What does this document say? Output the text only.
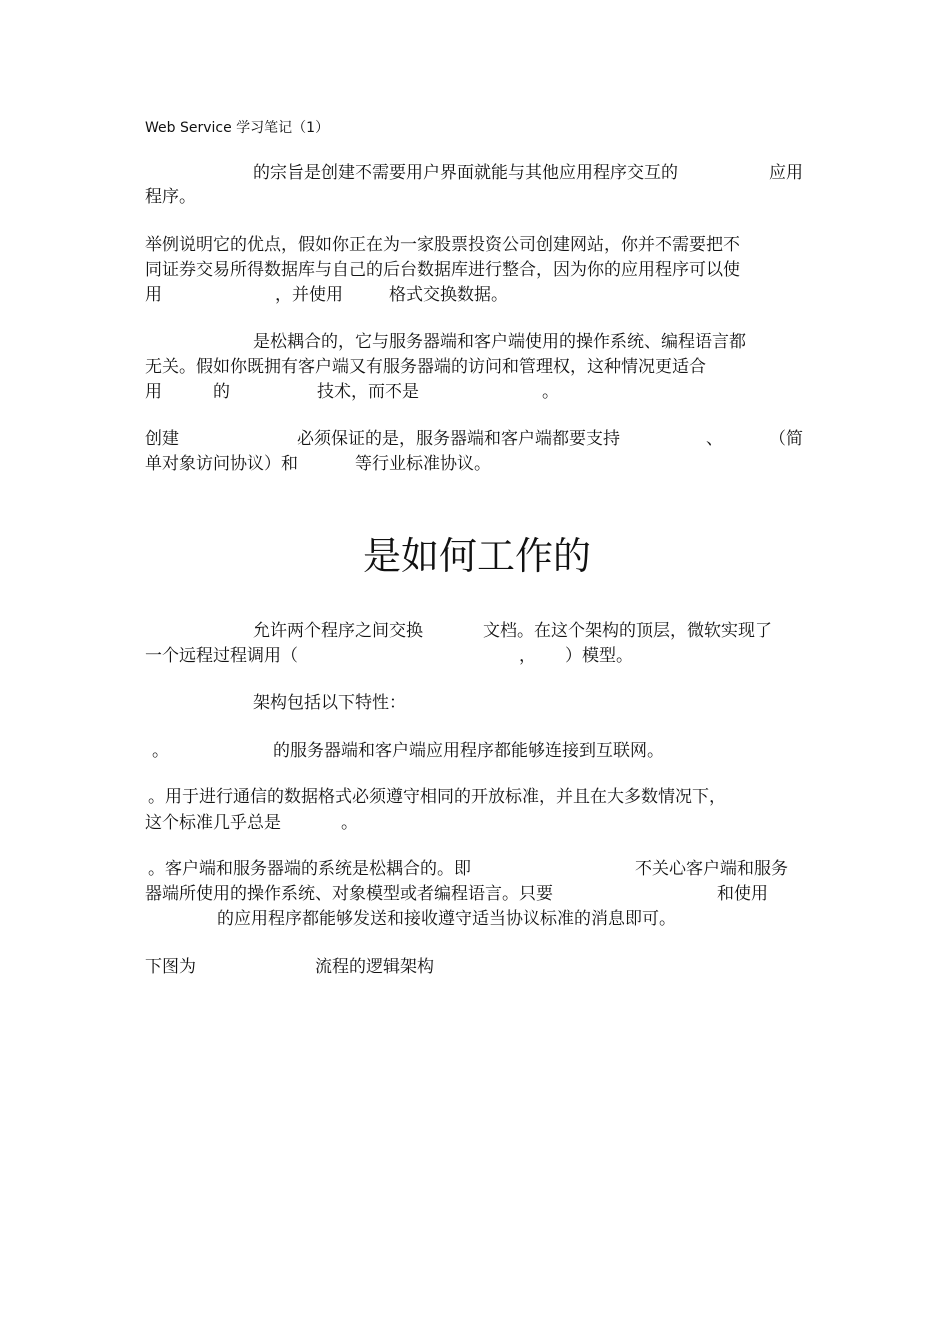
Web Service 学习笔记（1）
的宗旨是创建不需要用户界面就能与其他应用程序交互的	应用
程序。
举例说明它的优点，假如你正在为一家股票投资公司创建网站，你并不需要把不
同证券交易所得数据库与自己的后台数据库进行整合，因为你的应用程序可以使
用	，并使用	格式交换数据。
是松耦合的，它与服务器端和客户端使用的操作系统、编程语言都
无关。假如你既拥有客户端又有服务器端的访问和管理权，这种情况更适合
用	的	技术，而不是	。
创建	必须保证的是，服务器端和客户端都要支持	、	（简
单对象访问协议）和	等行业标准协议。
是如何工作的
允许两个程序之间交换	文档。在这个架构的顶层，微软实现了
一个远程过程调用（	， ）模型。
架构包括以下特性：
。	的服务器端和客户端应用程序都能够连接到互联网。
。用于进行通信的数据格式必须遵守相同的开放标准，并且在大多数情况下，
这个标准几乎总是	。
。客户端和服务器端的系统是松耦合的。即	不关心客户端和服务
器端所使用的操作系统、对象模型或者编程语言。只要	和使用
的应用程序都能够发送和接收遵守适当协议标准的消息即可。
下图为	流程的逻辑架构
